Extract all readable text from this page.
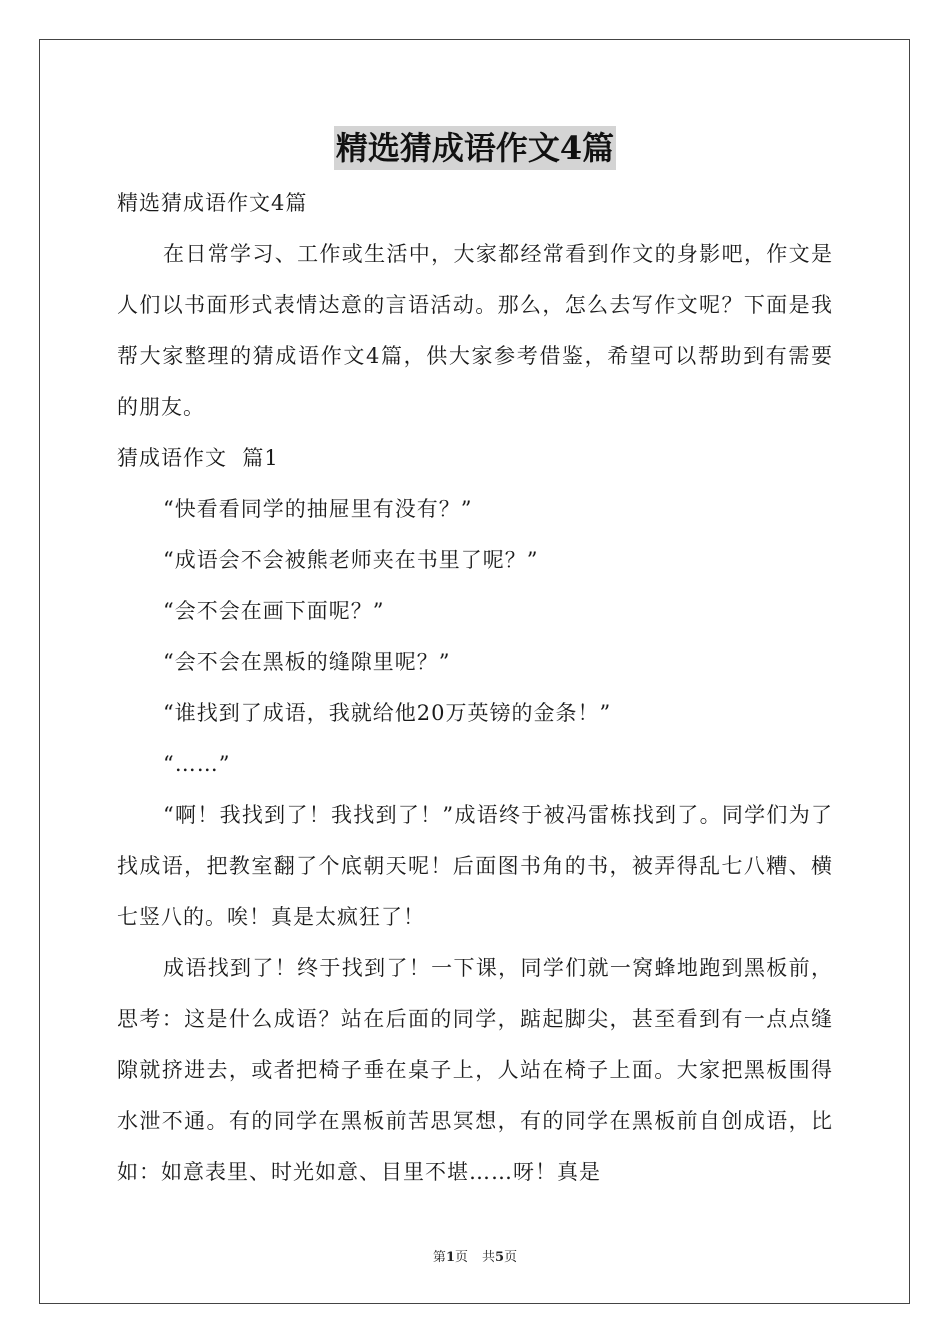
精选猜成语作文4篇

精选猜成语作文4篇

在日常学习、工作或生活中，大家都经常看到作文的身影吧，作文是人们以书面形式表情达意的言语活动。那么，怎么去写作文呢？下面是我帮大家整理的猜成语作文4篇，供大家参考借鉴，希望可以帮助到有需要的朋友。

猜成语作文  篇1

“快看看同学的抽屉里有没有？”

“成语会不会被熊老师夹在书里了呢？”

“会不会在画下面呢？”

“会不会在黑板的缝隙里呢？”

“谁找到了成语，我就给他20万英镑的金条！”

“……”

“啊！我找到了！我找到了！”成语终于被冯雷栋找到了。同学们为了找成语，把教室翻了个底朝天呢！后面图书角的书，被弄得乱七八糟、横七竖八的。唉！真是太疯狂了！

成语找到了！终于找到了！一下课，同学们就一窝蜂地跑到黑板前，思考：这是什么成语？站在后面的同学，踮起脚尖，甚至看到有一点点缝隙就挤进去，或者把椅子垂在桌子上，人站在椅子上面。大家把黑板围得水泄不通。有的同学在黑板前苦思冥想，有的同学在黑板前自创成语，比如：如意表里、时光如意、目里不堪……呀！真是

第1页 共5页
